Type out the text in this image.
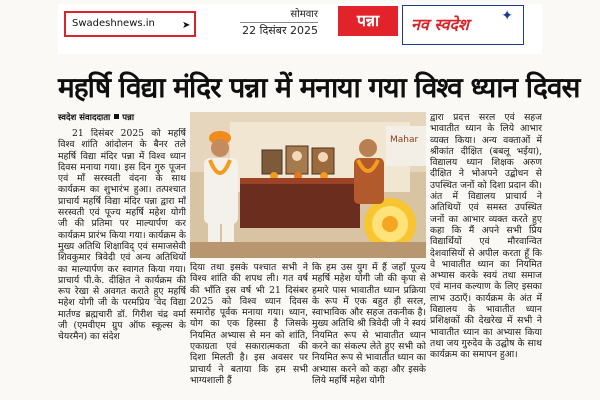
Swadeshnews.in	➤
सोमवार
22 दिसंबर 2025
पन्ना	नव स्वदेश ✦
महर्षि विद्या मंदिर पन्ना में मनाया गया विश्व ध्यान दिवस
स्वदेश संवाददाता पन्ना

21 दिसंबर 2025 को महर्षि विश्व शांति आंदोलन के बैनर तले महर्षि विद्या मंदिर पन्ना में विश्व ध्यान दिवस मनाया गया। इस दिन गुरु पूजन एवं माँ सरस्वती वंदना के साथ कार्यक्रम का शुभारंभ हुआ। तत्पश्चात प्राचार्य महर्षि विद्या मंदिर पन्ना द्वारा माँ सरस्वती एवं पूज्य महर्षि महेश योगी जी की प्रतिमा पर माल्यार्पण कर कार्यक्रम प्रारंभ किया गया। कार्यक्रम के मुख्य अतिथि शिक्षाविद् एवं समाजसेवी शिवकुमार त्रिवेदी एवं अन्य अतिथियों का माल्यार्पण कर स्वागत किया गया। प्राचार्य पी.के. दीक्षित ने कार्यक्रम की रूप रेखा से अवगत कराते हुए महर्षि महेश योगी जी के परमप्रिय 'वेद विद्या मार्तण्ड ब्रह्मचारी डॉ. गिरीश चंद्र वर्मा जी (एमवीएम ग्रुप ऑफ स्कूल्स के चेयरमैन) का संदेश

Mahar

दिया तथा इसके पश्चात सभी ने विश्व शांति की शपथ ली। गत वर्ष की भाँति इस वर्ष भी 21 दिसंबर 2025 को विश्व ध्यान दिवस समारोह पूर्वक मनाया गया। ध्यान, योग का एक हिस्सा है जिसके नियमित अभ्यास से मन को शांति, एकाग्रता एवं सकारात्मकता की दिशा मिलती है। इस अवसर पर प्राचार्य ने बताया कि हम सभी भाग्यशाली हैं

कि हम उस युग में हैं जहाँ पूज्य महर्षि महेश योगी जी की कृपा से हमारे पास भावातीत ध्यान प्रक्रिया के रूप में एक बहुत ही सरल, स्वाभाविक और सहज तकनीक है। मुख्य अतिथि श्री त्रिवेदी जी ने स्वयं नियमित रूप से भावातीत ध्यान करने का संकल्प लेते हुए सभी को नियमित रूप से भावातीत ध्यान का अभ्यास करने को कहा और इसके लिये महर्षि महेश योगी

द्वारा प्रदत्त सरल एवं सहज भावातीत ध्यान के लिये आभार व्यक्त किया। अन्य वक्ताओं में श्रीकांत दीक्षित (बबलू भईया), विद्यालय ध्यान शिक्षक अरुण दीक्षित ने भोअपने उद्बोधन से उपस्थित जनों को दिशा प्रदान की। अंत में विद्यालय प्राचार्य ने अतिथियों एवं समस्त उपस्थित जनों का आभार व्यक्त करते हुए कहा कि मैं अपने सभी प्रिय विद्यार्थियों एवं मौरवान्वित देशवासियों से अपील करता हूँ कि वे भावातीत ध्यान का नियमित अभ्यास करके स्वयं तथा समाज एवं मानव कल्याण के लिए इसका लाभ उठाएँ। कार्यक्रम के अंत में विद्यालय के भावातीत ध्यान प्रशिक्षकों की देखरेख में सभी ने भावातीत ध्यान का अभ्यास किया तथा जय गुरुदेव के उद्घोष के साथ कार्यक्रम का समापन हुआ।
